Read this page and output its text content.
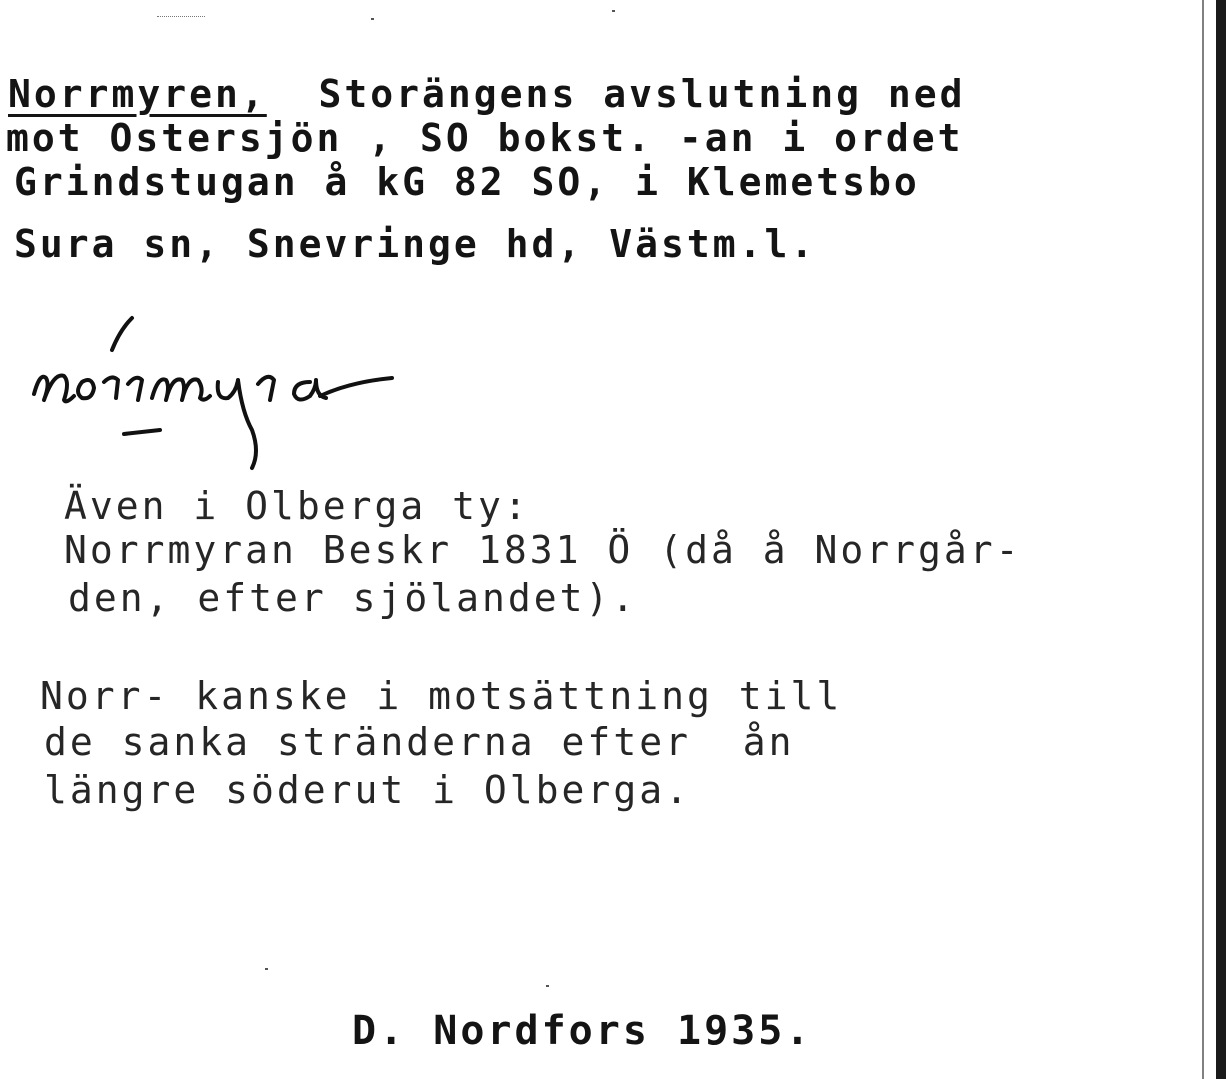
Norrmyren,  Storängens avslutning ned
mot Ostersjön , SO bokst. -an i ordet
Grindstugan å kG 82 SO, i Klemetsbo
Sura sn, Snevringe hd, Västm.l.
Även i Olberga ty:
Norrmyran Beskr 1831 Ö (då å Norrgår-
den, efter sjölandet).
Norr- kanske i motsättning till
de sanka stränderna efter  ån
längre söderut i Olberga.
D. Nordfors 1935.
